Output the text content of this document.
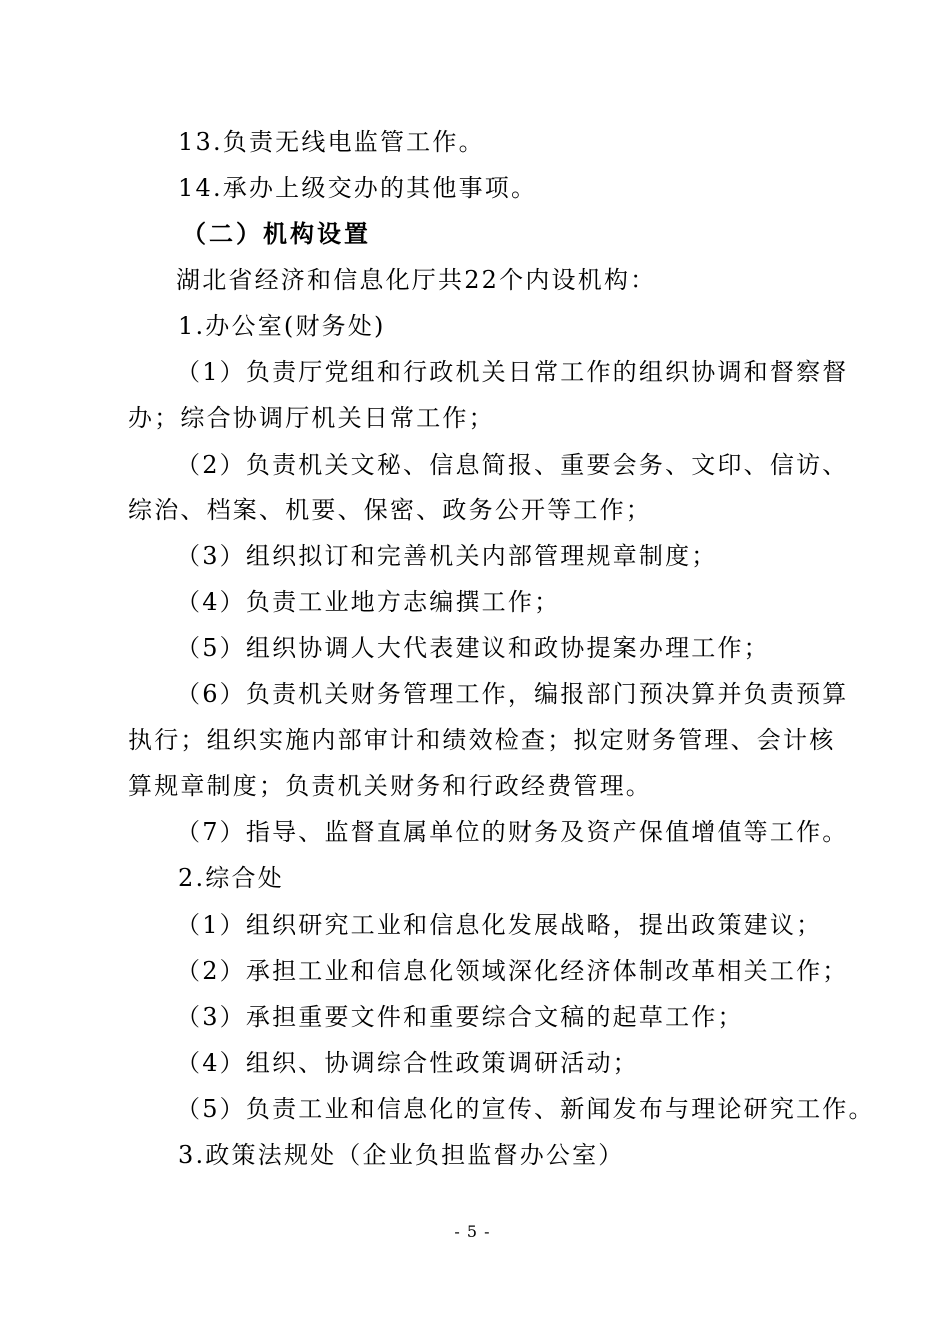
13.负责无线电监管工作。
14.承办上级交办的其他事项。
（二）机构设置
湖北省经济和信息化厅共22个内设机构：
1.办公室(财务处)
（1）负责厅党组和行政机关日常工作的组织协调和督察督
办；综合协调厅机关日常工作；
（2）负责机关文秘、信息简报、重要会务、文印、信访、
综治、档案、机要、保密、政务公开等工作；
（3）组织拟订和完善机关内部管理规章制度；
（4）负责工业地方志编撰工作；
（5）组织协调人大代表建议和政协提案办理工作；
（6）负责机关财务管理工作，编报部门预决算并负责预算
执行；组织实施内部审计和绩效检查；拟定财务管理、会计核
算规章制度；负责机关财务和行政经费管理。
（7）指导、监督直属单位的财务及资产保值增值等工作。
2.综合处
（1）组织研究工业和信息化发展战略，提出政策建议；
（2）承担工业和信息化领域深化经济体制改革相关工作；
（3）承担重要文件和重要综合文稿的起草工作；
（4）组织、协调综合性政策调研活动；
（5）负责工业和信息化的宣传、新闻发布与理论研究工作。
3.政策法规处（企业负担监督办公室）
- 5 -
